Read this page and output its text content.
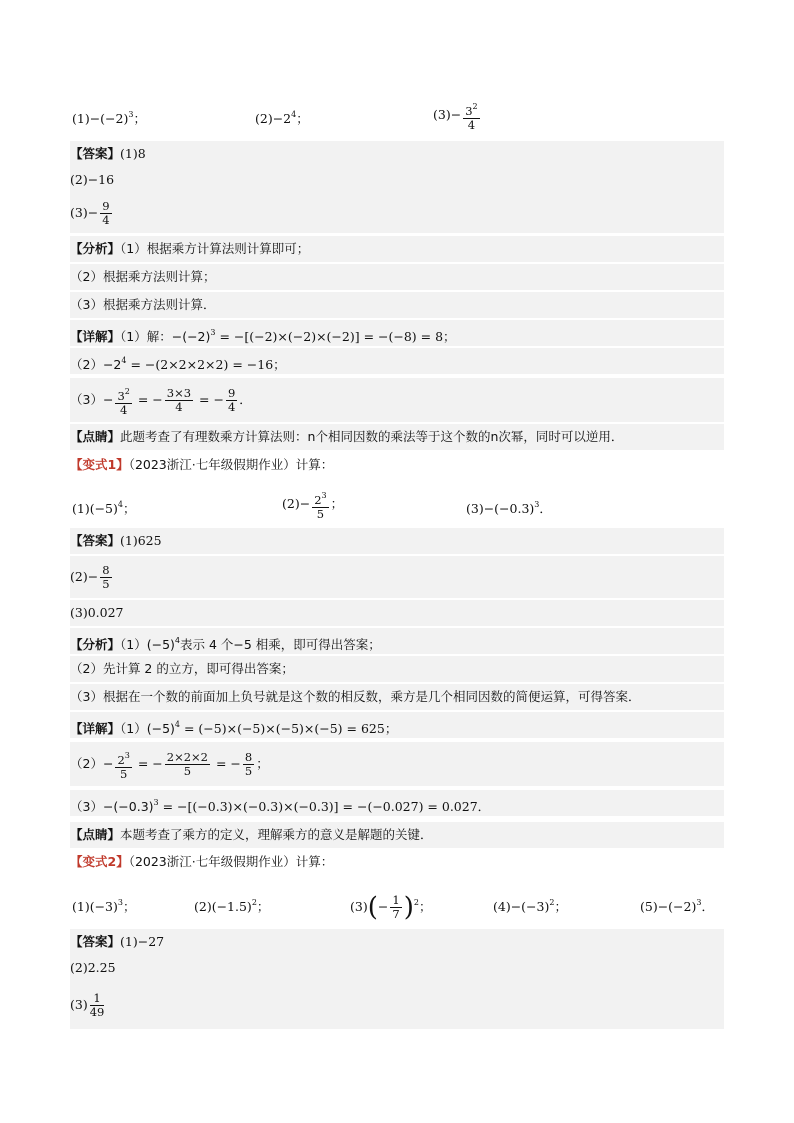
$(1)-(-2)^3$；	$(2)-2^4$；	$(3)- \frac{3^2}{4}$
【答案】(1)8
(2)−16
$(3)- \frac{9}{4}$
【分析】（1）根据乘方计算法则计算即可；
（2）根据乘方法则计算；
（3）根据乘方法则计算．
【详解】（1）解：$-(-2)^3 = -[(-2)\times(-2)\times(-2)] = -(-8) = 8$；
$(2)-2^4 = -(2\times 2\times 2\times 2) = -16$；
$(3)- \frac{3^2}{4}$ = − $\frac{3\times 3}{4}$ = − $\frac{9}{4}$ ．
【点睛】此题考查了有理数乘方计算法则：n个相同因数的乘法等于这个数的n次幂，同时可以逆用．
【变式1】（2023浙江·七年级假期作业）计算：
$(1)(-5)^4$；	$(2)- \frac{2^3}{5}$ ；	$(3)-(-0.3)^3$．
【答案】(1)625
$(2)- \frac{8}{5}$
(3)0.027
【分析】$(1)(-5)^4$表示 4 个−5 相乘，即可得出答案；
（2）先计算 2 的立方，即可得出答案；
（3）根据在一个数的前面加上负号就是这个数的相反数，乘方是几个相同因数的简便运算，可得答案．
【详解】$(1)(-5)^4 = (-5)\times(-5)\times(-5)\times(-5) = 625$；
$(2)- \frac{2^3}{5}$ = − $\frac{2\times 2\times 2}{5}$ = − $\frac{8}{5}$ ；
$(3)-(-0.3)^3 = -[(-0.3)\times(-0.3)\times(-0.3)] = -(-0.027) = 0.027$．
【点睛】本题考查了乘方的定义，理解乘方的意义是解题的关键．
【变式2】（2023浙江·七年级假期作业）计算：
$(1)(-3)^3$；	$(2)(-1.5)^2$；	$(3)(- \frac{1}{7} )^2$；	$(4)-(-3)^2$；	$(5)-(-2)^3$．
【答案】(1)−27
(2)2.25
$(3) \frac{1}{49}$
